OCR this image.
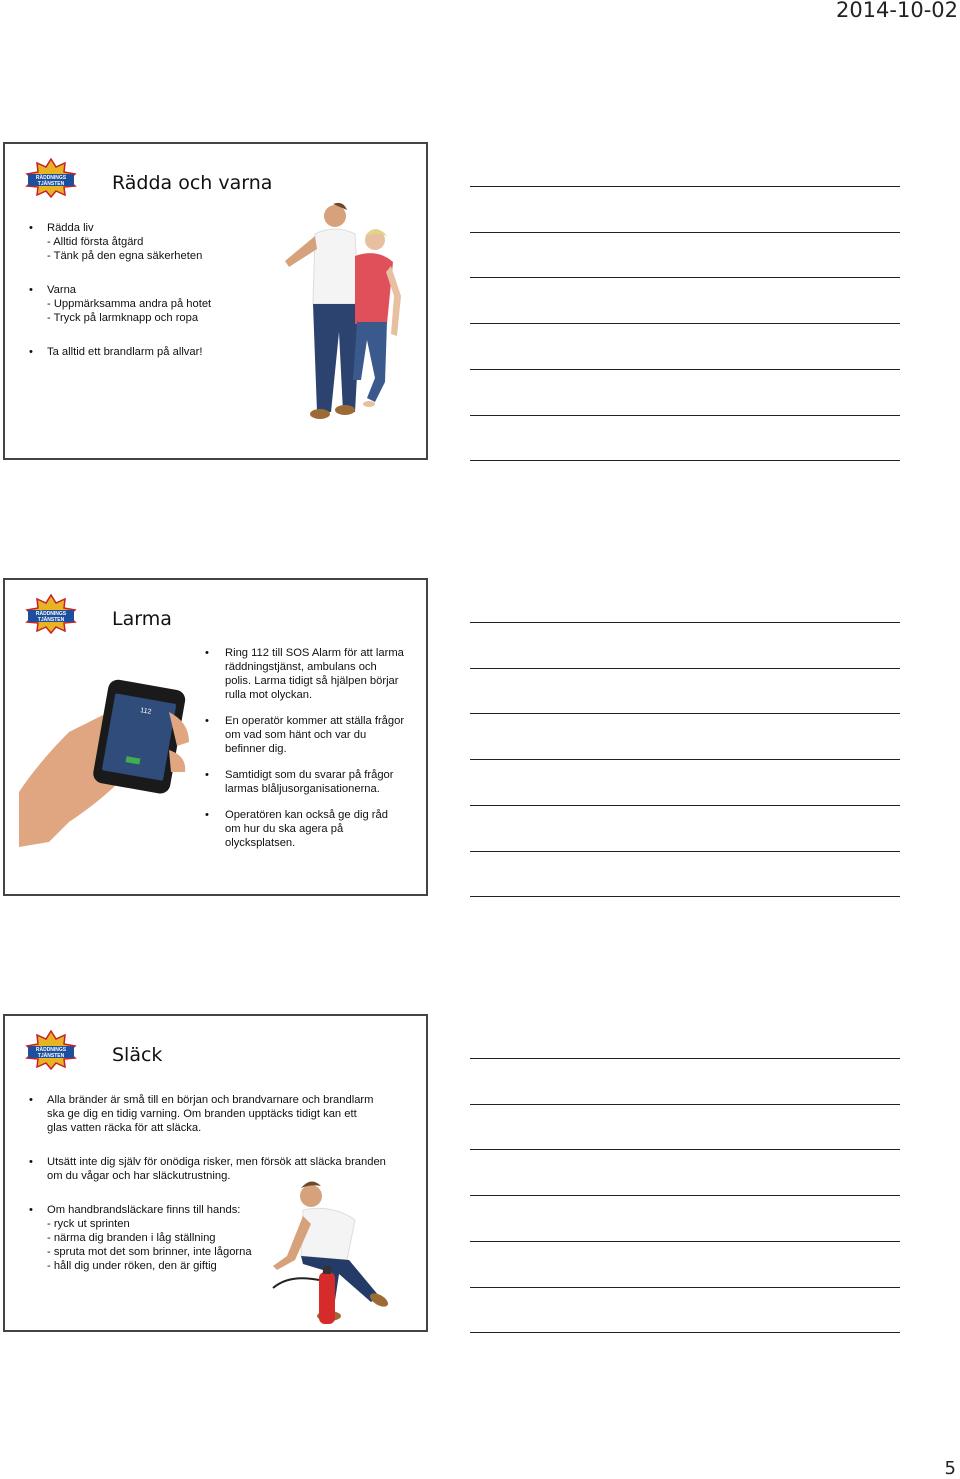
2014-10-02
RÄDDNINGS
TJÄNSTEN	Rädda och varna
• Rädda liv
- Alltid första åtgärd
- Tänk på den egna säkerheten
• Varna
- Uppmärksamma andra på hotet
- Tryck på larmknapp och ropa
• Ta alltid ett brandlarm på allvar!
RÄDDNINGS
TJÄNSTEN	Larma
112
• Ring 112 till SOS Alarm för att larma
räddningstjänst, ambulans och
polis. Larma tidigt så hjälpen börjar
rulla mot olyckan.
• En operatör kommer att ställa frågor
om vad som hänt och var du
befinner dig.
• Samtidigt som du svarar på frågor
larmas blåljusorganisationerna.
• Operatören kan också ge dig råd
om hur du ska agera på
olycksplatsen.
RÄDDNINGS
TJÄNSTEN	Släck
• Alla bränder är små till en början och brandvarnare och brandlarm
ska ge dig en tidig varning. Om branden upptäcks tidigt kan ett
glas vatten räcka för att släcka.
• Utsätt inte dig själv för onödiga risker, men försök att släcka branden
om du vågar och har släckutrustning.
• Om handbrandsläckare finns till hands:
- ryck ut sprinten
- närma dig branden i låg ställning
- spruta mot det som brinner, inte lågorna
- håll dig under röken, den är giftig
5
